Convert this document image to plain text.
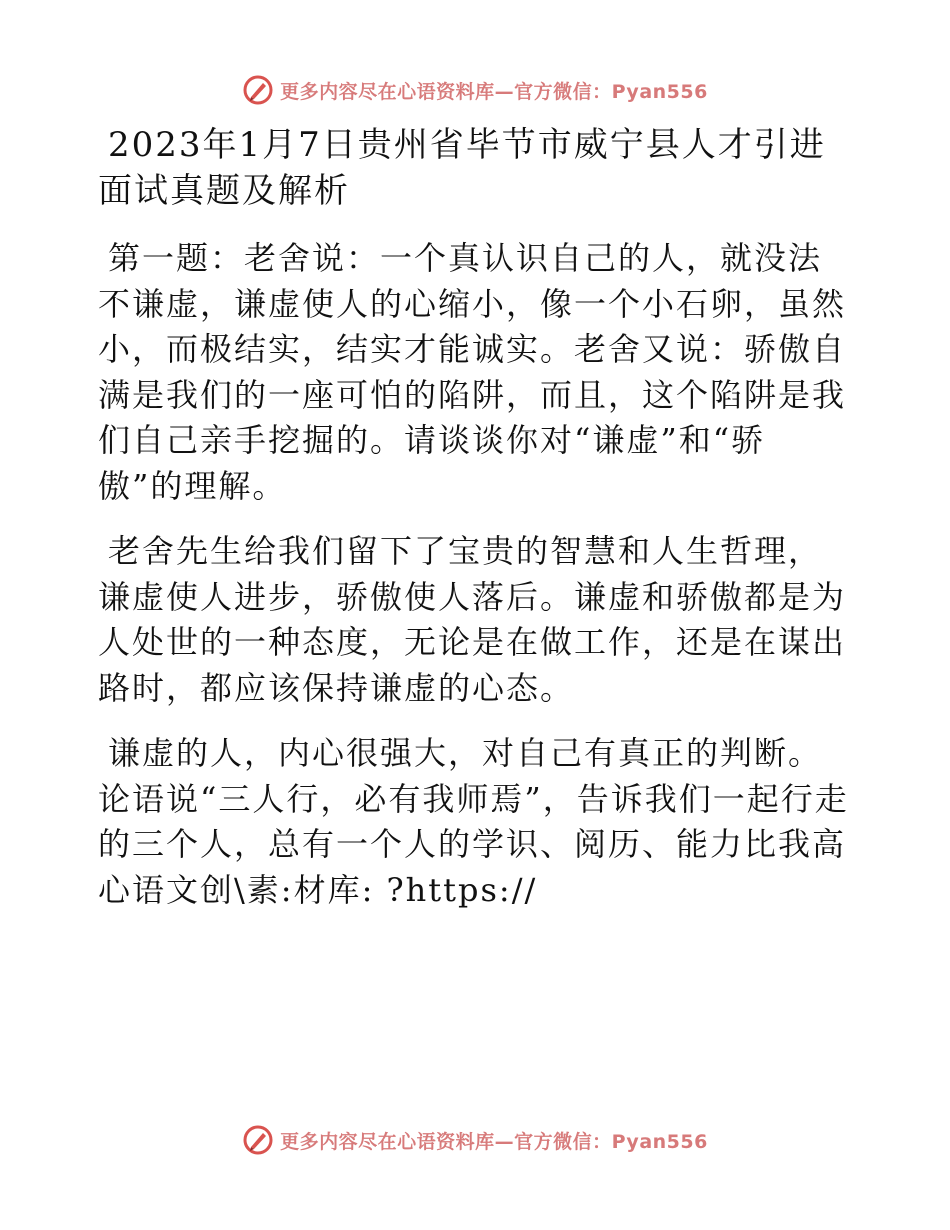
更多内容尽在心语资料库—官方微信：Pyan556
2023年1月7日贵州省毕节市威宁县人才引进面试真题及解析

第一题：老舍说：一个真认识自己的人，就没法不谦虚，谦虚使人的心缩小，像一个小石卵，虽然小，而极结实，结实才能诚实。老舍又说：骄傲自满是我们的一座可怕的陷阱，而且，这个陷阱是我们自己亲手挖掘的。请谈谈你对“谦虚”和“骄傲”的理解。

老舍先生给我们留下了宝贵的智慧和人生哲理，谦虚使人进步，骄傲使人落后。谦虚和骄傲都是为人处世的一种态度，无论是在做工作，还是在谋出路时，都应该保持谦虚的心态。

谦虚的人，内心很强大，对自己有真正的判断。论语说“三人行，必有我师焉”，告诉我们一起行走的三个人，总有一个人的学识、阅历、能力比我高心语文创\素:材库: ?https://

更多内容尽在心语资料库—官方微信：Pyan556
